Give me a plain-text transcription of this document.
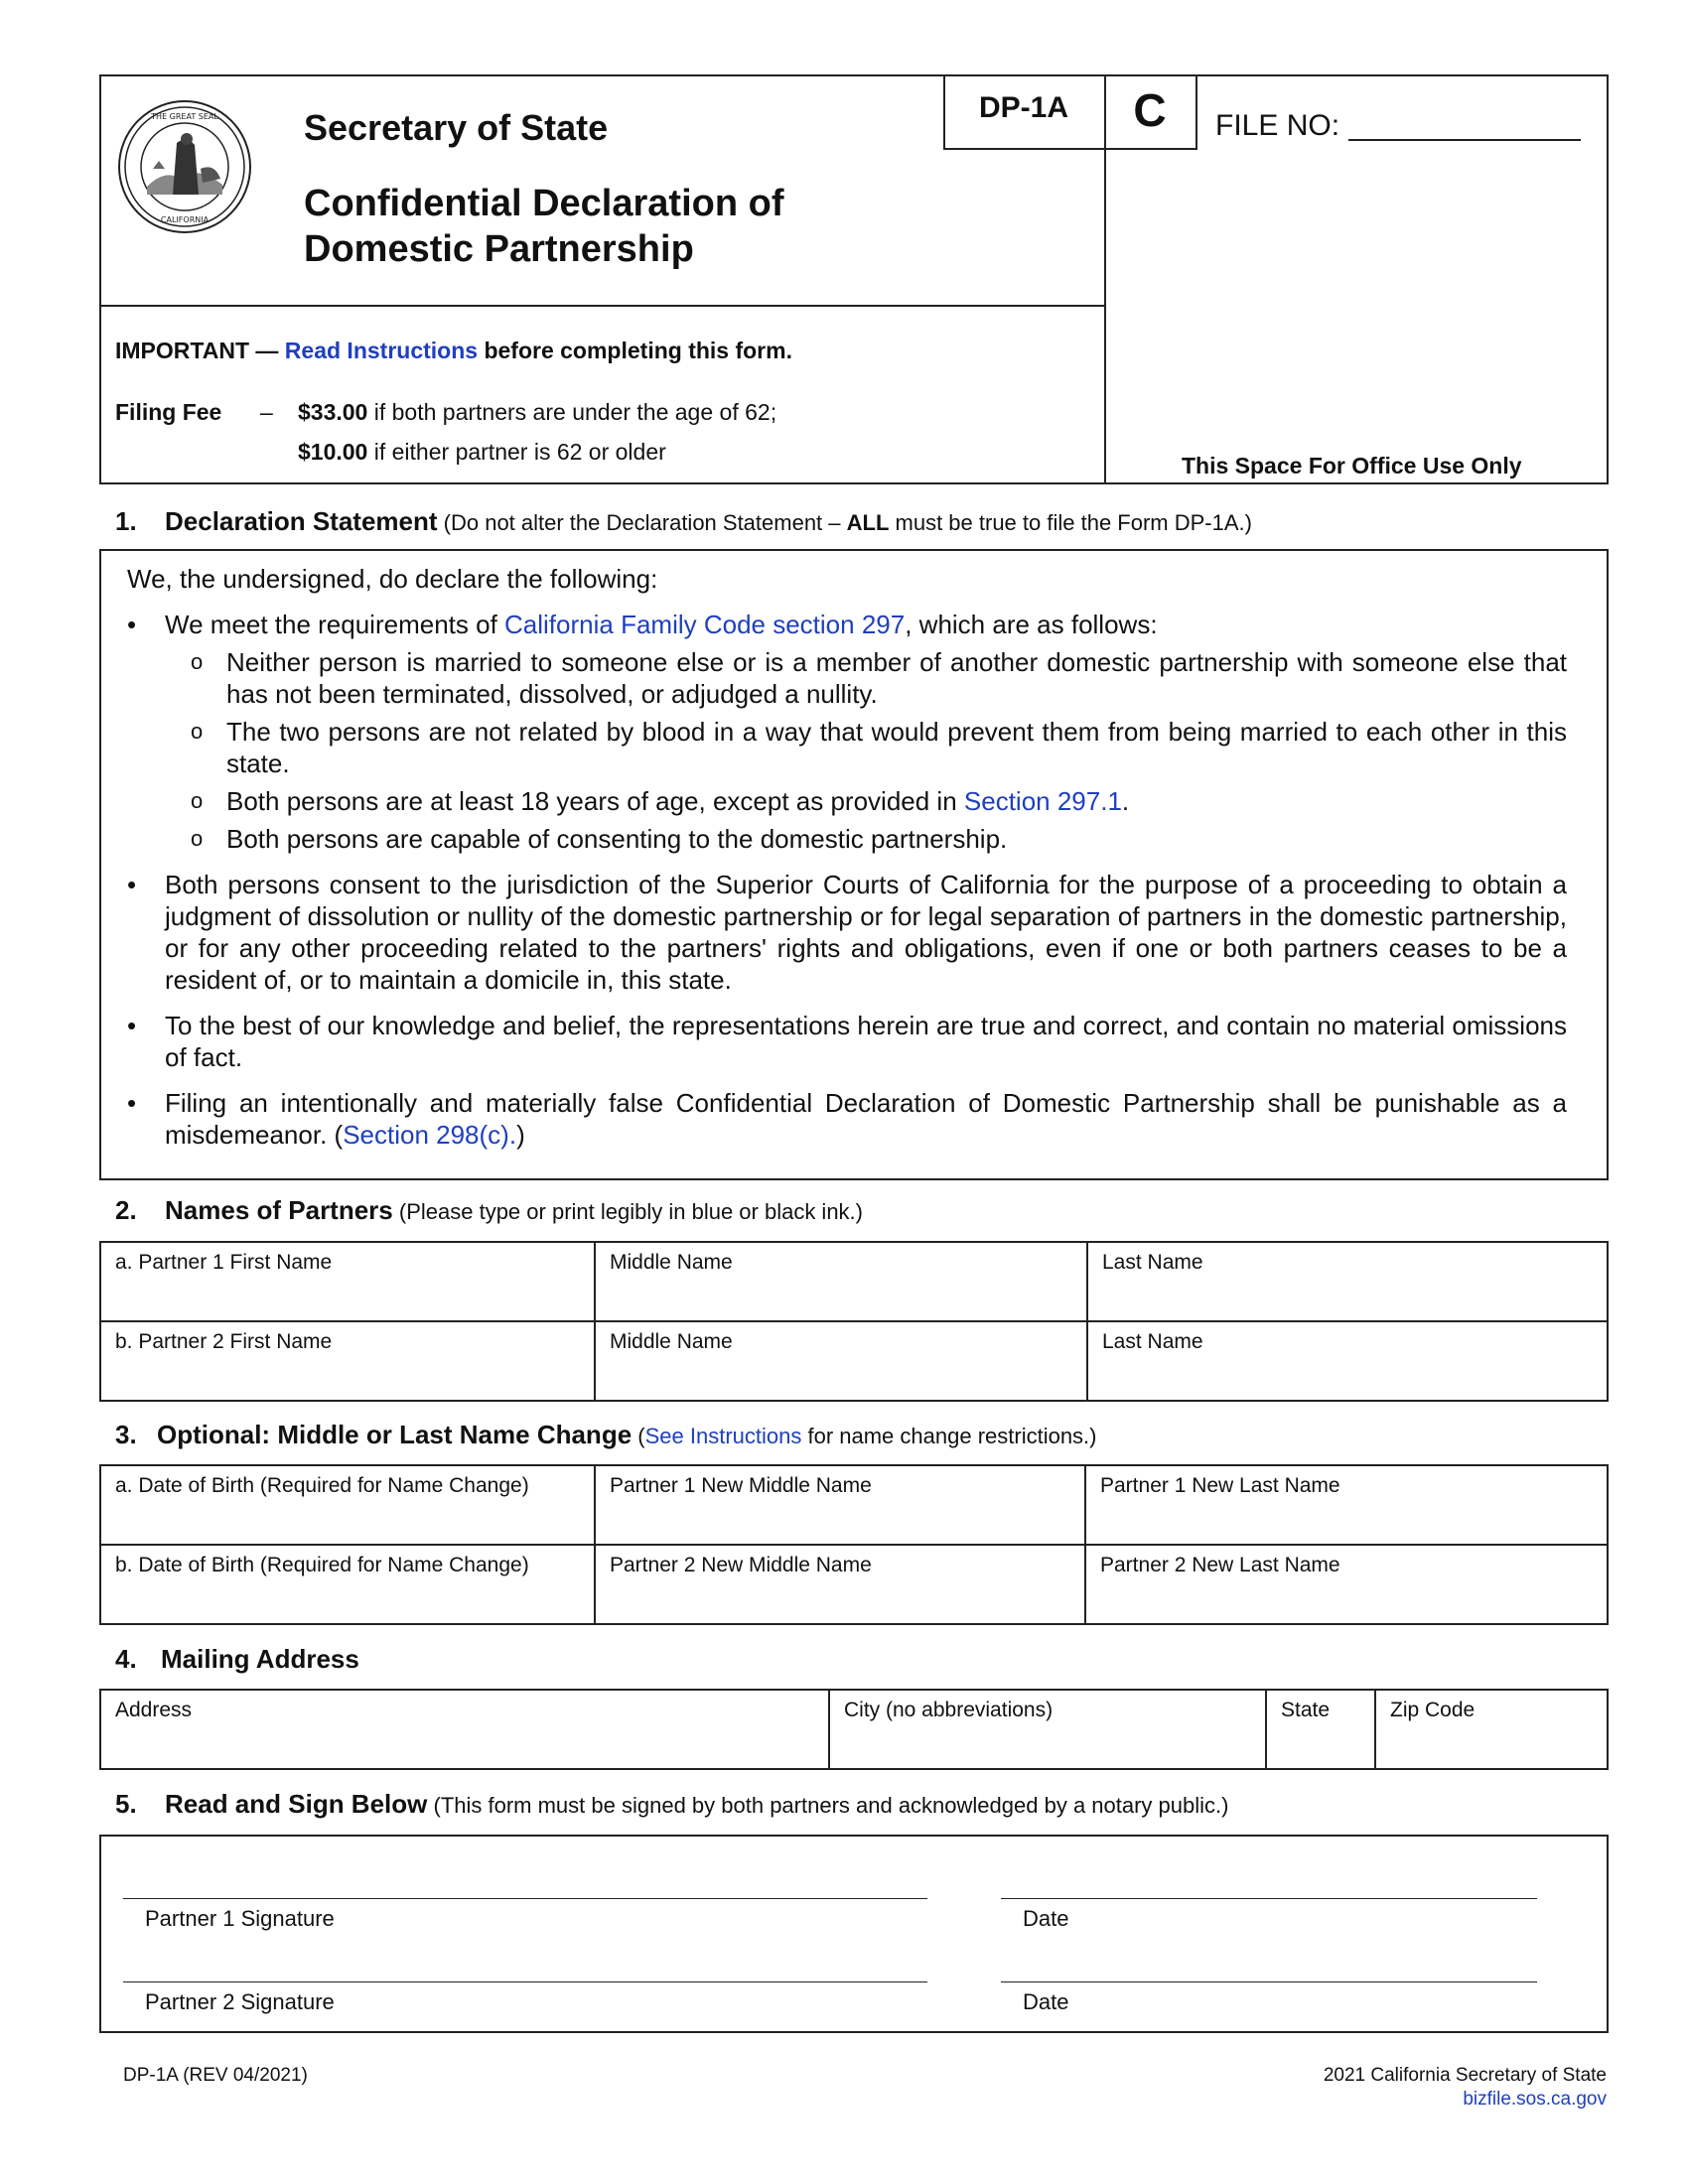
THE GREAT SEAL
CALIFORNIA
Secretary of State
Confidential Declaration of
Domestic Partnership
DP-1A	C	FILE NO:
IMPORTANT — Read Instructions before completing this form.
Filing Fee – $33.00 if both partners are under the age of 62;
$10.00 if either partner is 62 or older
This Space For Office Use Only
1. Declaration Statement (Do not alter the Declaration Statement – ALL must be true to file the Form DP-1A.)
We, the undersigned, do declare the following:
• We meet the requirements of California Family Code section 297, which are as follows:
o Neither person is married to someone else or is a member of another domestic partnership with someone else that has not been terminated, dissolved, or adjudged a nullity.
o The two persons are not related by blood in a way that would prevent them from being married to each other in this state.
o Both persons are at least 18 years of age, except as provided in Section 297.1.
o Both persons are capable of consenting to the domestic partnership.
• Both persons consent to the jurisdiction of the Superior Courts of California for the purpose of a proceeding to obtain a judgment of dissolution or nullity of the domestic partnership or for legal separation of partners in the domestic partnership, or for any other proceeding related to the partners' rights and obligations, even if one or both partners ceases to be a resident of, or to maintain a domicile in, this state.
• To the best of our knowledge and belief, the representations herein are true and correct, and contain no material omissions of fact.
• Filing an intentionally and materially false Confidential Declaration of Domestic Partnership shall be punishable as a misdemeanor. (Section 298(c).)
2. Names of Partners (Please type or print legibly in blue or black ink.)
a. Partner 1 First Name	Middle Name	Last Name
b. Partner 2 First Name	Middle Name	Last Name
3. Optional: Middle or Last Name Change (See Instructions for name change restrictions.)
a. Date of Birth (Required for Name Change)	Partner 1 New Middle Name	Partner 1 New Last Name
b. Date of Birth (Required for Name Change)	Partner 2 New Middle Name	Partner 2 New Last Name
4. Mailing Address
Address	City (no abbreviations)	State	Zip Code
5. Read and Sign Below (This form must be signed by both partners and acknowledged by a notary public.)
Partner 1 Signature	Date
Partner 2 Signature	Date
DP-1A (REV 04/2021)	2021 California Secretary of State
bizfile.sos.ca.gov
